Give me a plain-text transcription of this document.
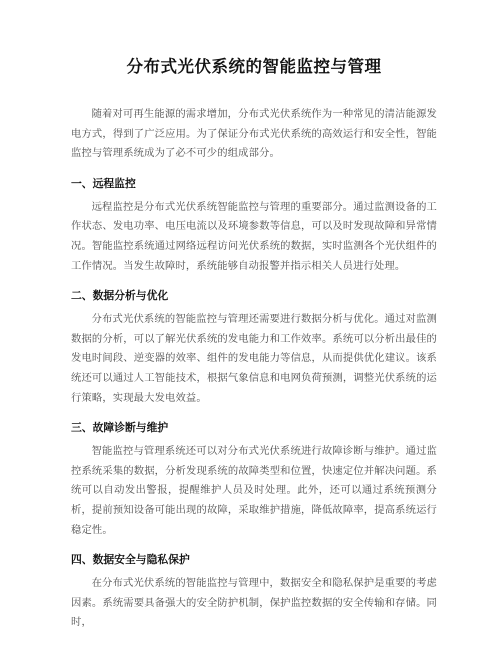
分布式光伏系统的智能监控与管理

随着对可再生能源的需求增加，分布式光伏系统作为一种常见的清洁能源发电方式，得到了广泛应用。为了保证分布式光伏系统的高效运行和安全性，智能监控与管理系统成为了必不可少的组成部分。

一、远程监控

远程监控是分布式光伏系统智能监控与管理的重要部分。通过监测设备的工作状态、发电功率、电压电流以及环境参数等信息，可以及时发现故障和异常情况。智能监控系统通过网络远程访问光伏系统的数据，实时监测各个光伏组件的工作情况。当发生故障时，系统能够自动报警并指示相关人员进行处理。

二、数据分析与优化

分布式光伏系统的智能监控与管理还需要进行数据分析与优化。通过对监测数据的分析，可以了解光伏系统的发电能力和工作效率。系统可以分析出最佳的发电时间段、逆变器的效率、组件的发电能力等信息，从而提供优化建议。该系统还可以通过人工智能技术，根据气象信息和电网负荷预测，调整光伏系统的运行策略，实现最大发电效益。

三、故障诊断与维护

智能监控与管理系统还可以对分布式光伏系统进行故障诊断与维护。通过监控系统采集的数据，分析发现系统的故障类型和位置，快速定位并解决问题。系统可以自动发出警报，提醒维护人员及时处理。此外，还可以通过系统预测分析，提前预知设备可能出现的故障，采取维护措施，降低故障率，提高系统运行稳定性。

四、数据安全与隐私保护

在分布式光伏系统的智能监控与管理中，数据安全和隐私保护是重要的考虑因素。系统需要具备强大的安全防护机制，保护监控数据的安全传输和存储。同时，
